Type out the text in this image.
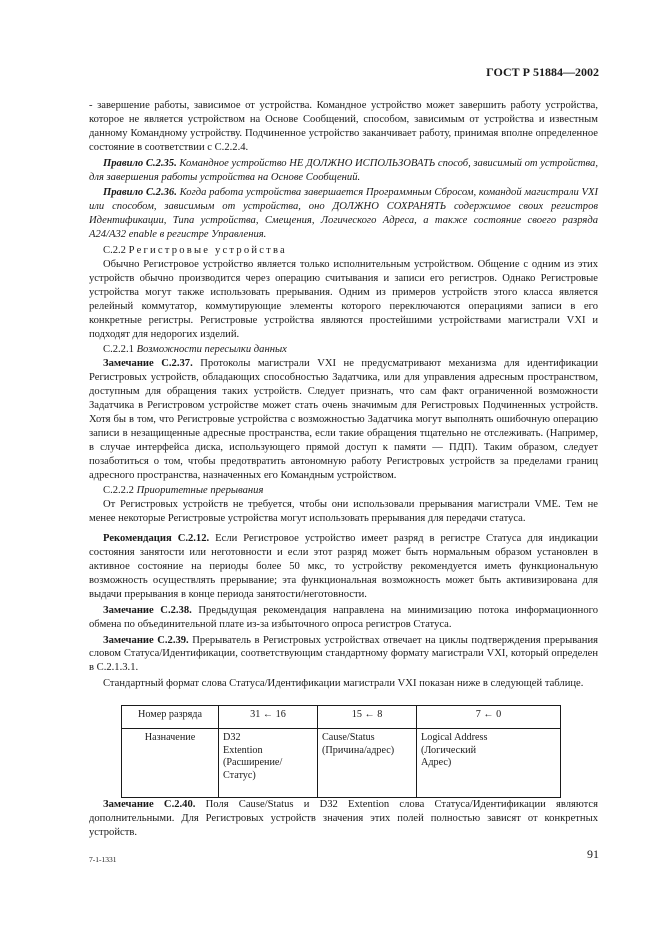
ГОСТ Р 51884—2002

- завершение работы, зависимое от устройства. Командное устройство может завершить работу устройства, которое не является устройством на Основе Сообщений, способом, зависимым от устройства и известным данному Командному устройству. Подчиненное устройство заканчивает работу, принимая вполне определенное состояние в соответствии с С.2.2.4.

Правило С.2.35. Командное устройство НЕ ДОЛЖНО ИСПОЛЬЗОВАТЬ способ, зависимый от устройства, для завершения работы устройства на Основе Сообщений.

Правило С.2.36. Когда работа устройства завершается Программным Сбросом, командой магистрали VXI или способом, зависимым от устройства, оно ДОЛЖНО СОХРАНЯТЬ содержимое своих регистров Идентификации, Типа устройства, Смещения, Логического Адреса, а также состояние своего разряда A24/A32 enable в регистре Управления.

С.2.2 Регистровые устройства

Обычно Регистровое устройство является только исполнительным устройством. Общение с одним из этих устройств обычно производится через операцию считывания и записи его регистров. Однако Регистровые устройства могут также использовать прерывания. Одним из примеров устройств этого класса является релейный коммутатор, коммутирующие элементы которого переключаются операциями записи в его конкретные регистры. Регистровые устройства являются простейшими устройствами магистрали VXI и подходят для недорогих изделий.

С.2.2.1 Возможности пересылки данных

Замечание С.2.37. Протоколы магистрали VXI не предусматривают механизма для идентификации Регистровых устройств, обладающих способностью Задатчика, или для управления адресным пространством, доступным для обращения таких устройств. Следует признать, что сам факт ограниченной возможности Задатчика в Регистровом устройстве может стать очень значимым для Регистровых Подчиненных устройств. Хотя бы в том, что Регистровые устройства с возможностью Задатчика могут выполнять ошибочную операцию записи в незащищенные адресные пространства, если такие обращения тщательно не отслеживать. (Например, в случае интерфейса диска, использующего прямой доступ к памяти — ПДП). Таким образом, следует позаботиться о том, чтобы предотвратить автономную работу Регистровых устройств за пределами границ адресного пространства, назначенных его Командным устройством.

С.2.2.2 Приоритетные прерывания

От Регистровых устройств не требуется, чтобы они использовали прерывания магистрали VME. Тем не менее некоторые Регистровые устройства могут использовать прерывания для передачи статуса.

Рекомендация С.2.12. Если Регистровое устройство имеет разряд в регистре Статуса для индикации состояния занятости или неготовности и если этот разряд может быть нормальным образом установлен в активное состояние на периоды более 50 мкс, то устройству рекомендуется иметь функциональную возможность осуществлять прерывание; эта функциональная возможность может быть активизирована для выдачи прерывания в конце периода занятости/неготовности.

Замечание С.2.38. Предыдущая рекомендация направлена на минимизацию потока информационного обмена по объединительной плате из-за избыточного опроса регистров Статуса.

Замечание С.2.39. Прерыватель в Регистровых устройствах отвечает на циклы подтверждения прерывания словом Статуса/Идентификации, соответствующим стандартному формату магистрали VXI, который определен в С.2.1.3.1.

Стандартный формат слова Статуса/Идентификации магистрали VXI показан ниже в следующей таблице.

Номер разряда	31 ← 16	15 ← 8	7 ← 0
Назначение	D32
Extention
(Расширение/
Статус)	Cause/Status
(Причина/адрес)	Logical Address
(Логический
Адрес)

Замечание С.2.40. Поля Cause/Status и D32 Extention слова Статуса/Идентификации являются дополнительными. Для Регистровых устройств значения этих полей полностью зависят от конкретных устройств.

7-1-1331	91
